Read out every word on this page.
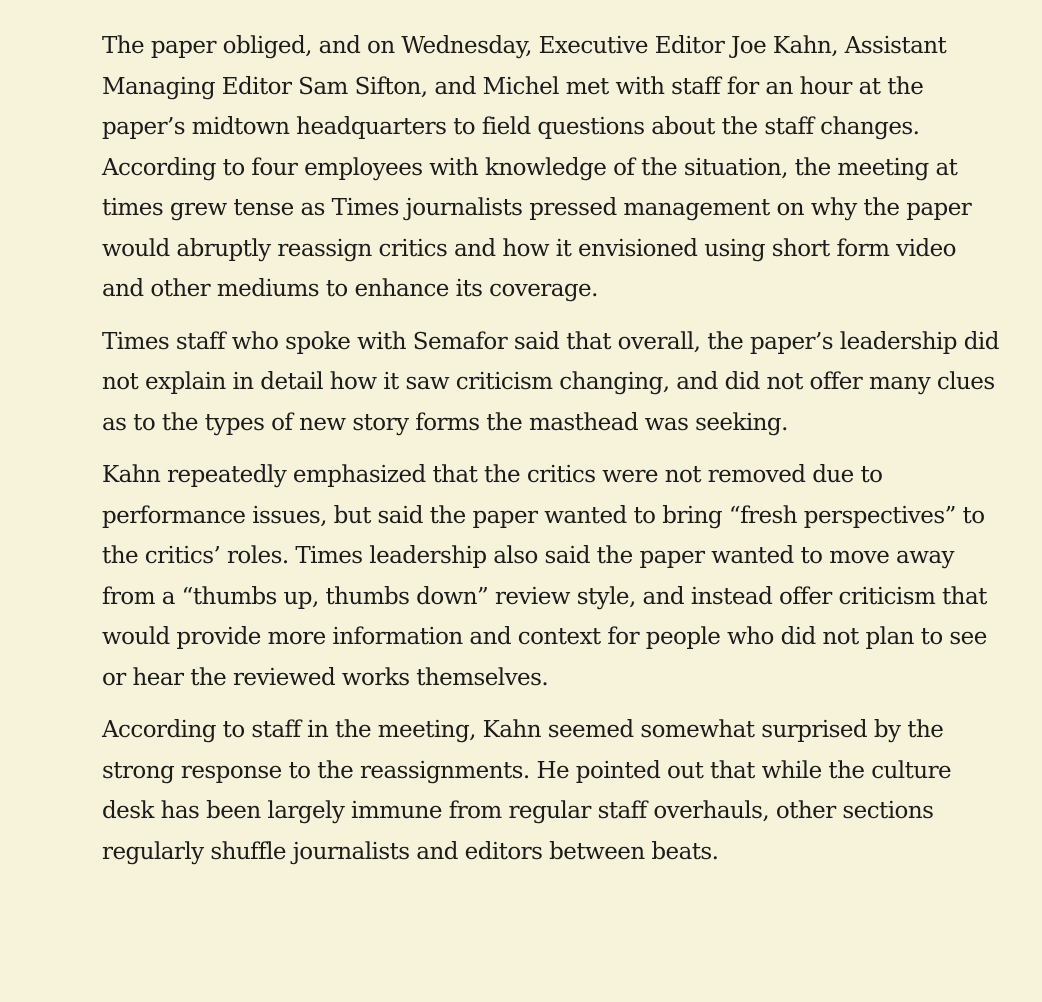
The paper obliged, and on Wednesday, Executive Editor Joe Kahn, Assistant Managing Editor Sam Sifton, and Michel met with staff for an hour at the paper’s midtown headquarters to field questions about the staff changes. According to four employees with knowledge of the situation, the meeting at times grew tense as Times journalists pressed management on why the paper would abruptly reassign critics and how it envisioned using short form video and other mediums to enhance its coverage.

Times staff who spoke with Semafor said that overall, the paper’s leadership did not explain in detail how it saw criticism changing, and did not offer many clues as to the types of new story forms the masthead was seeking.

Kahn repeatedly emphasized that the critics were not removed due to performance issues, but said the paper wanted to bring “fresh perspectives” to the critics’ roles. Times leadership also said the paper wanted to move away from a “thumbs up, thumbs down” review style, and instead offer criticism that would provide more information and context for people who did not plan to see or hear the reviewed works themselves.

According to staff in the meeting, Kahn seemed somewhat surprised by the strong response to the reassignments. He pointed out that while the culture desk has been largely immune from regular staff overhauls, other sections regularly shuffle journalists and editors between beats.
